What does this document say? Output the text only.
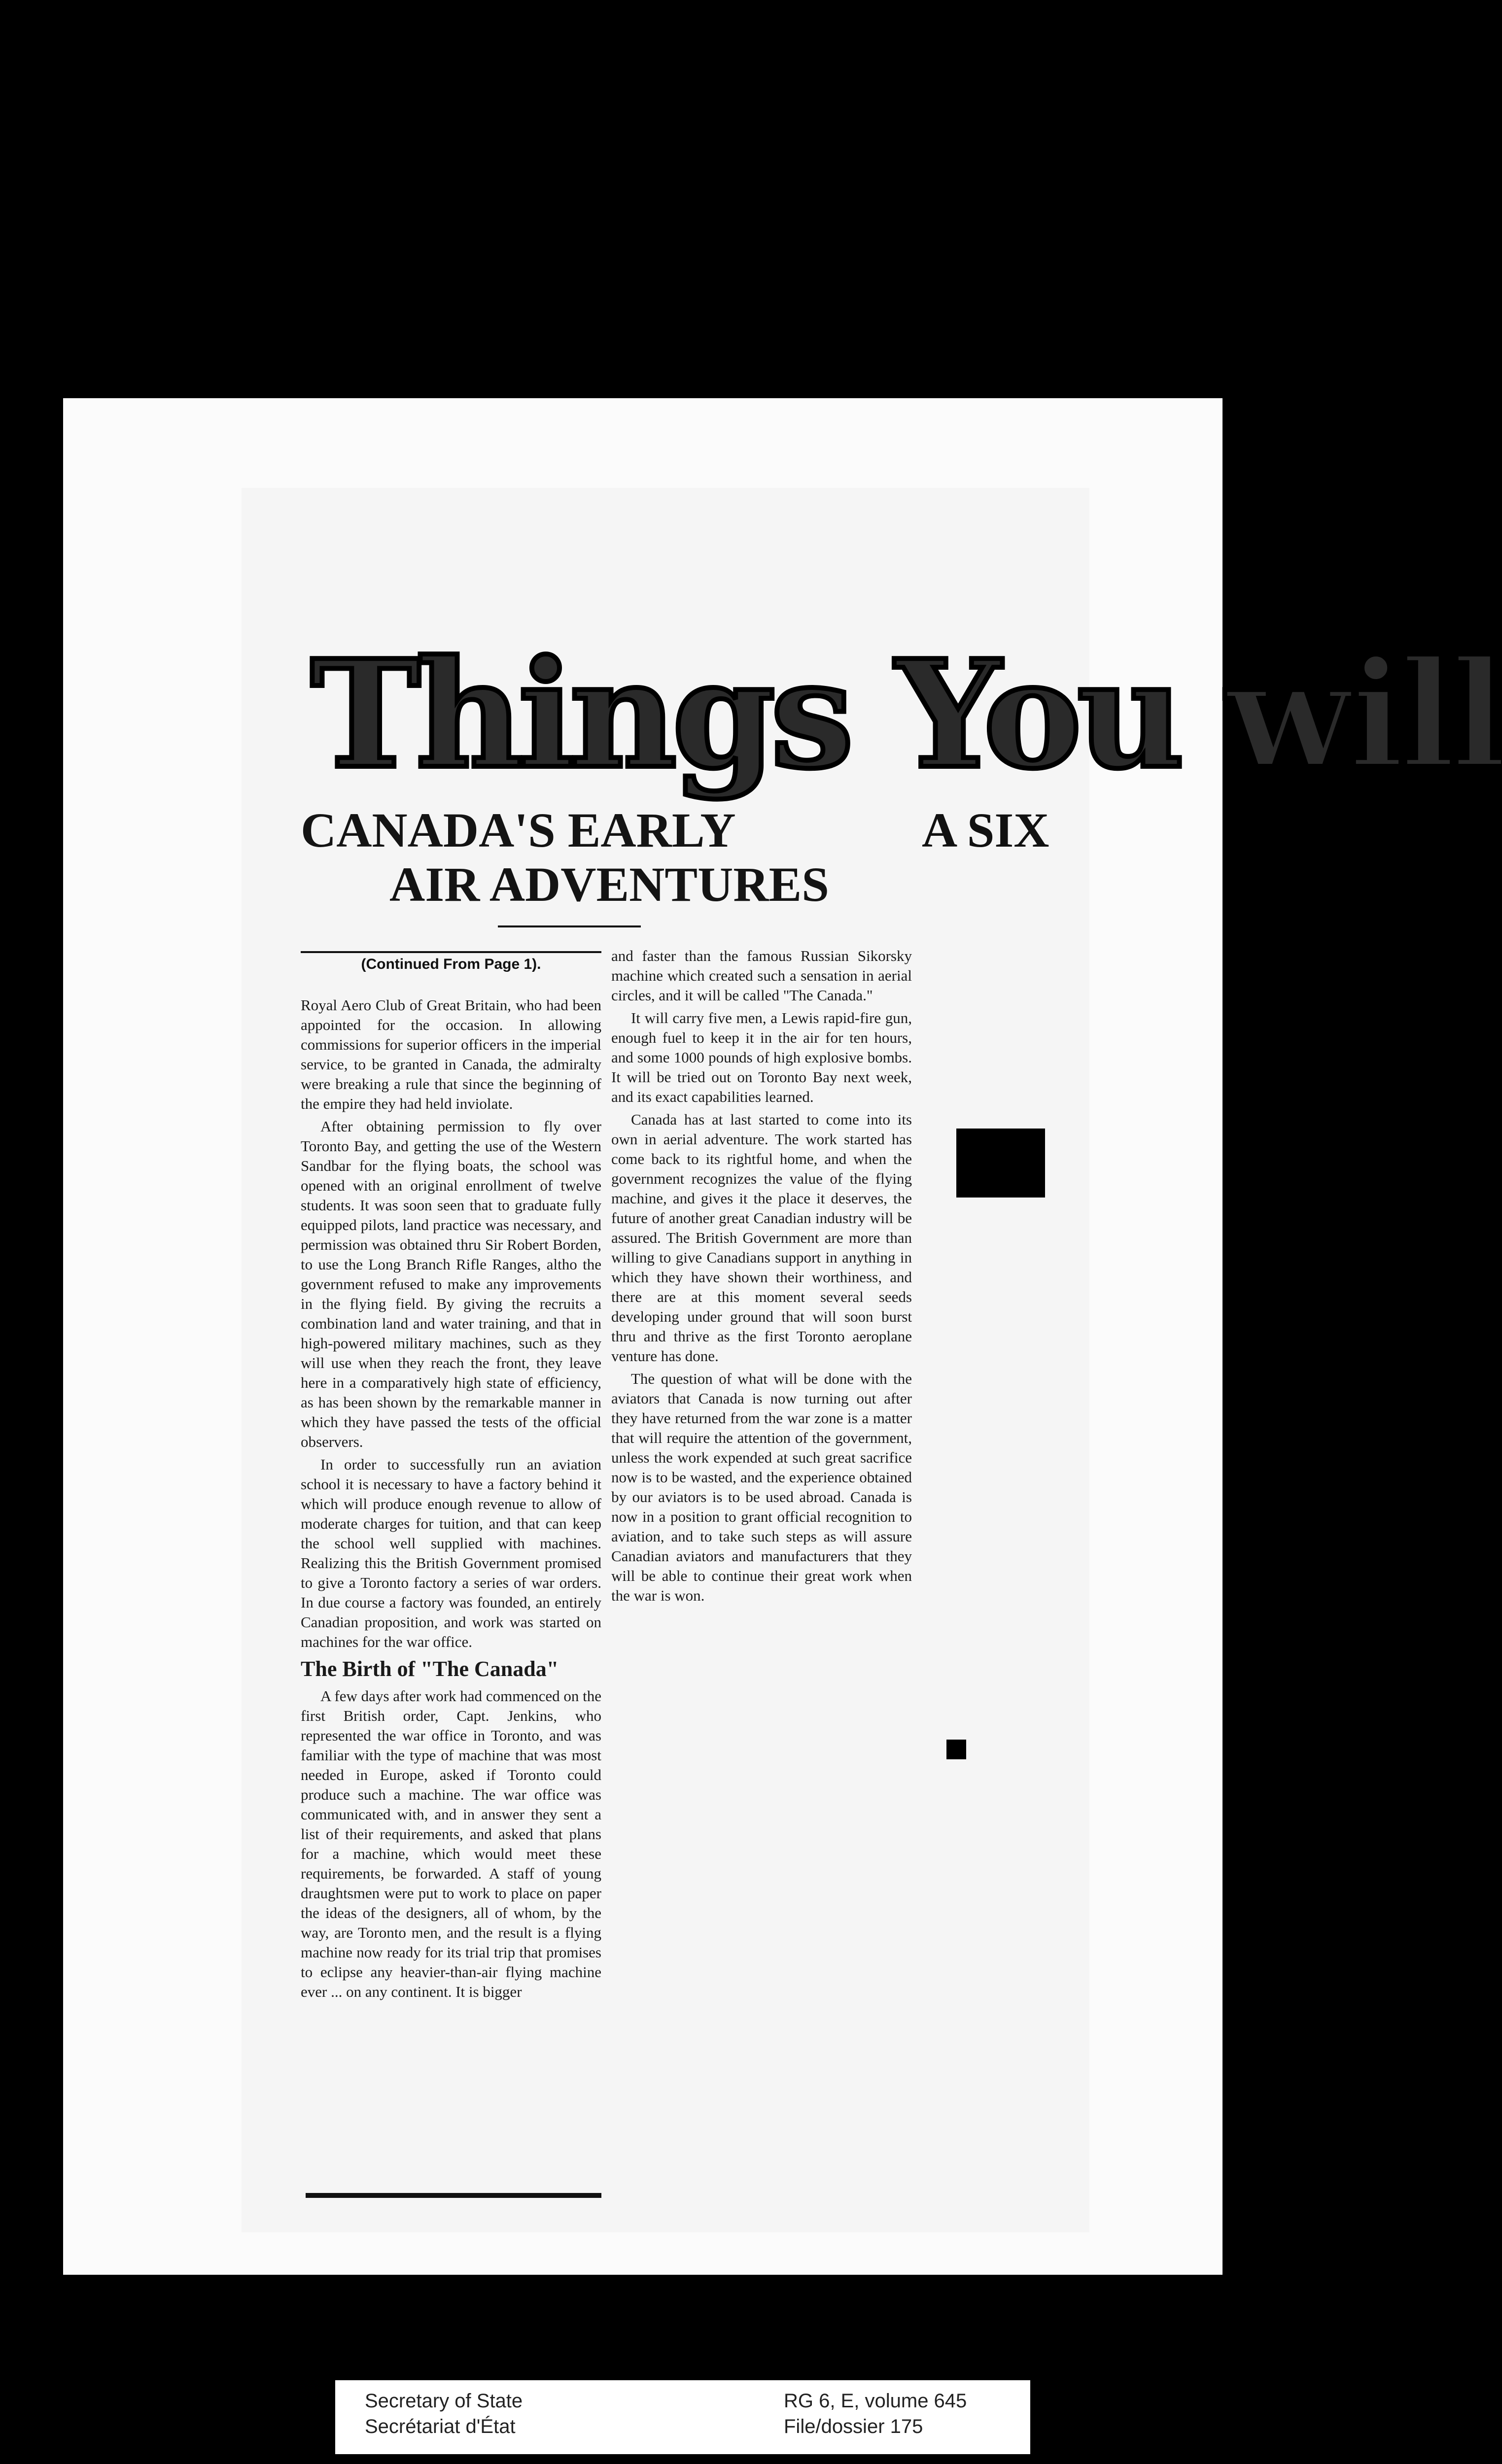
Things You will
CANADA'S EARLY
AIR ADVENTURES
A SIX
(Continued From Page 1).

Royal Aero Club of Great Britain, who had been appointed for the occasion. In allowing commissions for superior officers in the imperial service, to be granted in Canada, the admiralty were breaking a rule that since the beginning of the empire they had held inviolate.

After obtaining permission to fly over Toronto Bay, and getting the use of the Western Sandbar for the flying boats, the school was opened with an original enrollment of twelve students. It was soon seen that to graduate fully equipped pilots, land practice was necessary, and permission was obtained thru Sir Robert Borden, to use the Long Branch Rifle Ranges, altho the government refused to make any improvements in the flying field. By giving the recruits a combination land and water training, and that in high-powered military machines, such as they will use when they reach the front, they leave here in a comparatively high state of efficiency, as has been shown by the remarkable manner in which they have passed the tests of the official observers.

In order to successfully run an aviation school it is necessary to have a factory behind it which will produce enough revenue to allow of moderate charges for tuition, and that can keep the school well supplied with machines. Realizing this the British Government promised to give a Toronto factory a series of war orders. In due course a factory was founded, an entirely Canadian proposition, and work was started on machines for the war office.

The Birth of "The Canada"

A few days after work had commenced on the first British order, Capt. Jenkins, who represented the war office in Toronto, and was familiar with the type of machine that was most needed in Europe, asked if Toronto could produce such a machine. The war office was communicated with, and in answer they sent a list of their requirements, and asked that plans for a machine, which would meet these requirements, be forwarded. A staff of young draughtsmen were put to work to place on paper the ideas of the designers, all of whom, by the way, are Toronto men, and the result is a flying machine now ready for its trial trip that promises to eclipse any heavier-than-air flying machine ever ... on any continent. It is bigger

and faster than the famous Russian Sikorsky machine which created such a sensation in aerial circles, and it will be called "The Canada."

It will carry five men, a Lewis rapid-fire gun, enough fuel to keep it in the air for ten hours, and some 1000 pounds of high explosive bombs. It will be tried out on Toronto Bay next week, and its exact capabilities learned.

Canada has at last started to come into its own in aerial adventure. The work started has come back to its rightful home, and when the government recognizes the value of the flying machine, and gives it the place it deserves, the future of another great Canadian industry will be assured. The British Government are more than willing to give Canadians support in anything in which they have shown their worthiness, and there are at this moment several seeds developing under ground that will soon burst thru and thrive as the first Toronto aeroplane venture has done.

The question of what will be done with the aviators that Canada is now turning out after they have returned from the war zone is a matter that will require the attention of the government, unless the work expended at such great sacrifice now is to be wasted, and the experience obtained by our aviators is to be used abroad. Canada is now in a position to grant official recognition to aviation, and to take such steps as will assure Canadian aviators and manufacturers that they will be able to continue their great work when the war is won.

Secretary of State
Secrétariat d'État
RG 6, E, volume 645
File/dossier 175
